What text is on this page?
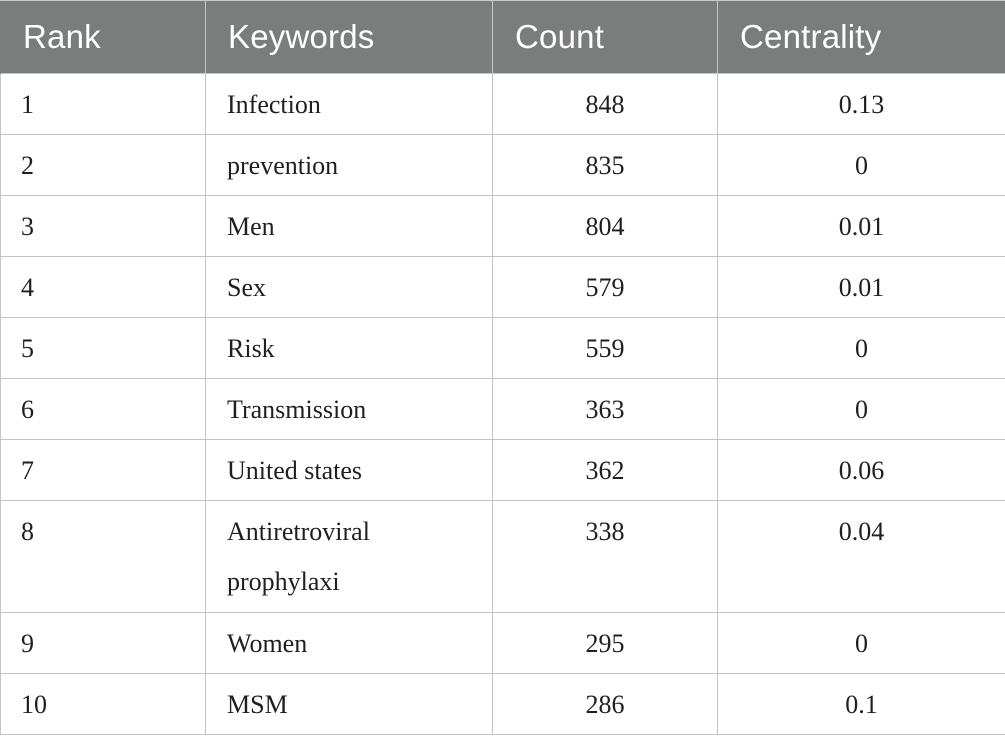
Rank	Keywords	Count	Centrality

1	Infection	848	0.13

2	prevention	835	0

3	Men	804	0.01

4	Sex	579	0.01

5	Risk	559	0

6	Transmission	363	0

7	United states	362	0.06

8	Antiretroviral prophylaxi	338	0.04

9	Women	295	0

10	MSM	286	0.1
